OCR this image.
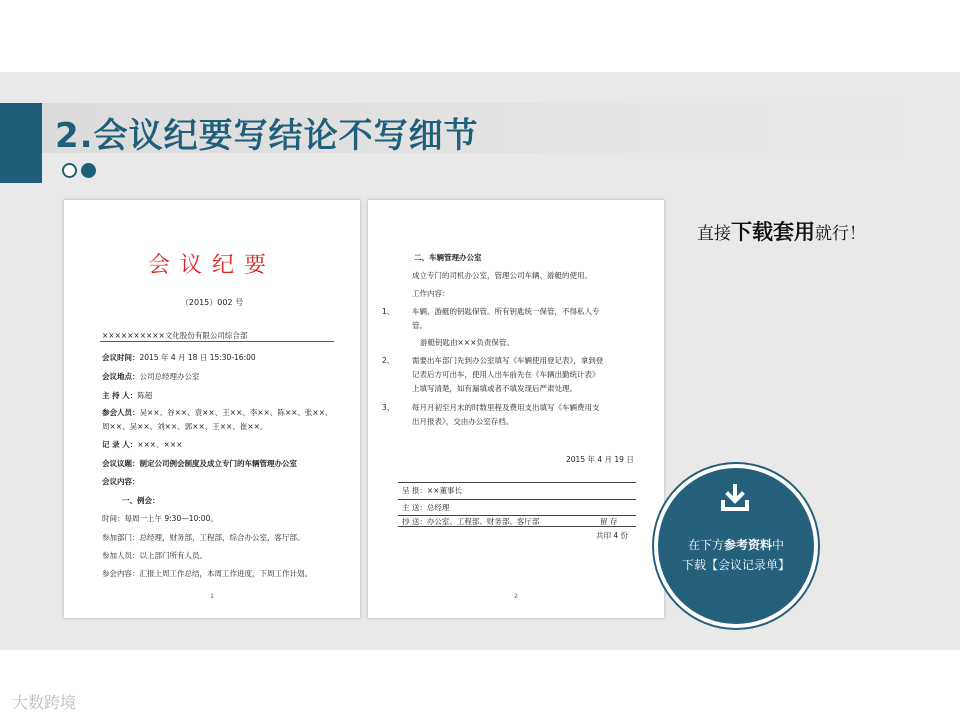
2.会议纪要写结论不写细节
会议纪要
（2015）002 号
××××××××××文化股份有限公司综合部
会议时间：2015 年 4 月 18 日 15:30-16:00
会议地点：公司总经理办公室
主 持 人：陈超
参会人员：吴××、谷××、袁××、王××、李××、陈××、张××、
周××、吴××、刘××、郭××、王××、崔××。
记 录 人：×××、×××
会议议题：制定公司例会制度及成立专门的车辆管理办公室
会议内容：
一、例会：
时间：每周一上午 9:30—10:00。
参加部门：总经理，财务部，工程部，综合办公室，客厅部。
参加人员：以上部门所有人员。
参会内容：汇报上周工作总结，本周工作进度，下周工作计划。
1
二、车辆管理办公室
成立专门的司机办公室，管理公司车辆、游艇的使用。
工作内容：
1、 车辆、游艇的钥匙保管。所有钥匙统一保管，不得私人专
管。
游艇钥匙由×××负责保管。
2、 需要出车部门先到办公室填写《车辆使用登记表》，拿到登
记表后方可出车，使用人出车前先在《车辆出勤统计表》
上填写清楚，如有漏填或者不填发现后严肃处理。
3、 每月月初至月末的时数里程及费用支出填写《车辆费用支
出月报表》，交由办公室存档。
2015 年 4 月 19 日
呈 报：××董事长
主 送：总经理
抄 送：办公室、工程部、财务部、客厅部	留 存
共印 4 份
2
直接下载套用就行！
在下方参考资料中
下载【会议记录单】
大数跨境
